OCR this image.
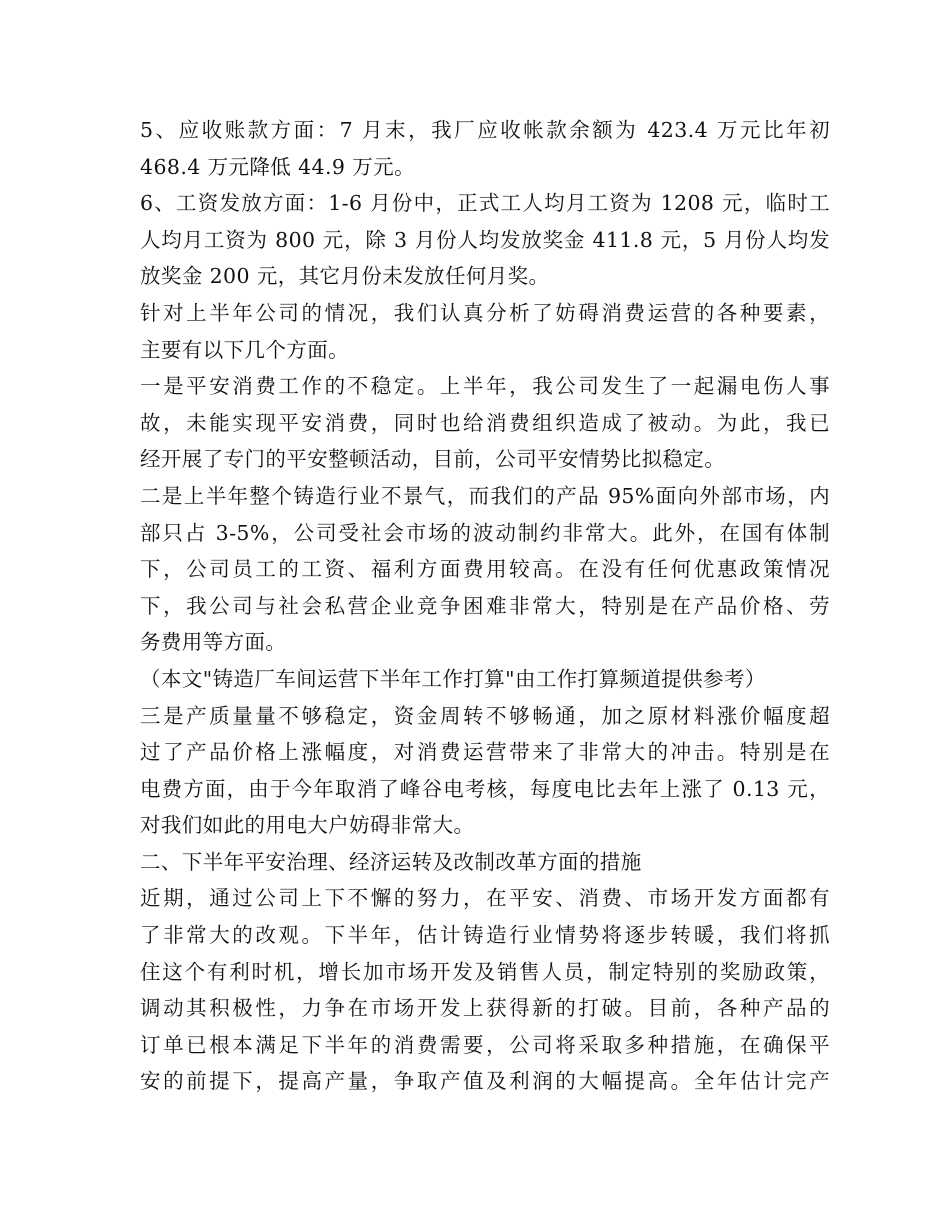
5、应收账款方面：7 月末，我厂应收帐款余额为 423.4 万元比年初
468.4 万元降低 44.9 万元。
6、工资发放方面：1-6 月份中，正式工人均月工资为 1208 元，临时工
人均月工资为 800 元，除 3 月份人均发放奖金 411.8 元，5 月份人均发
放奖金 200 元，其它月份未发放任何月奖。
针对上半年公司的情况，我们认真分析了妨碍消费运营的各种要素，
主要有以下几个方面。
一是平安消费工作的不稳定。上半年，我公司发生了一起漏电伤人事
故，未能实现平安消费，同时也给消费组织造成了被动。为此，我已
经开展了专门的平安整顿活动，目前，公司平安情势比拟稳定。
二是上半年整个铸造行业不景气，而我们的产品 95%面向外部市场，内
部只占 3-5%，公司受社会市场的波动制约非常大。此外，在国有体制
下，公司员工的工资、福利方面费用较高。在没有任何优惠政策情况
下，我公司与社会私营企业竞争困难非常大，特别是在产品价格、劳
务费用等方面。
（本文"铸造厂车间运营下半年工作打算"由工作打算频道提供参考）
三是产质量量不够稳定，资金周转不够畅通，加之原材料涨价幅度超
过了产品价格上涨幅度，对消费运营带来了非常大的冲击。特别是在
电费方面，由于今年取消了峰谷电考核，每度电比去年上涨了 0.13 元，
对我们如此的用电大户妨碍非常大。
二、下半年平安治理、经济运转及改制改革方面的措施
近期，通过公司上下不懈的努力，在平安、消费、市场开发方面都有
了非常大的改观。下半年，估计铸造行业情势将逐步转暖，我们将抓
住这个有利时机，增长加市场开发及销售人员，制定特别的奖励政策，
调动其积极性，力争在市场开发上获得新的打破。目前，各种产品的
订单已根本满足下半年的消费需要，公司将采取多种措施，在确保平
安的前提下，提高产量，争取产值及利润的大幅提高。全年估计完产
